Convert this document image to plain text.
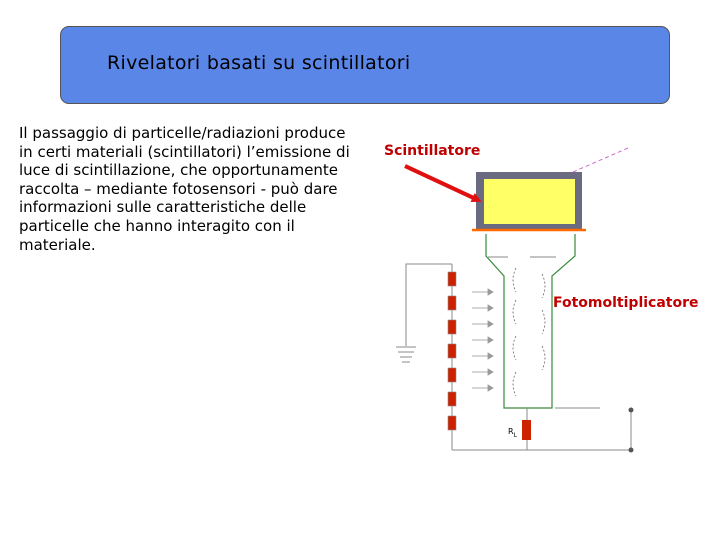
Rivelatori basati su scintillatori

Il passaggio di particelle/radiazioni produce in certi materiali (scintillatori) l’emissione di luce di scintillazione, che opportunamente raccolta – mediante fotosensori - può dare informazioni sulle caratteristiche delle particelle che hanno interagito con il materiale.

$R_L$
Scintillatore
Fotomoltiplicatore
